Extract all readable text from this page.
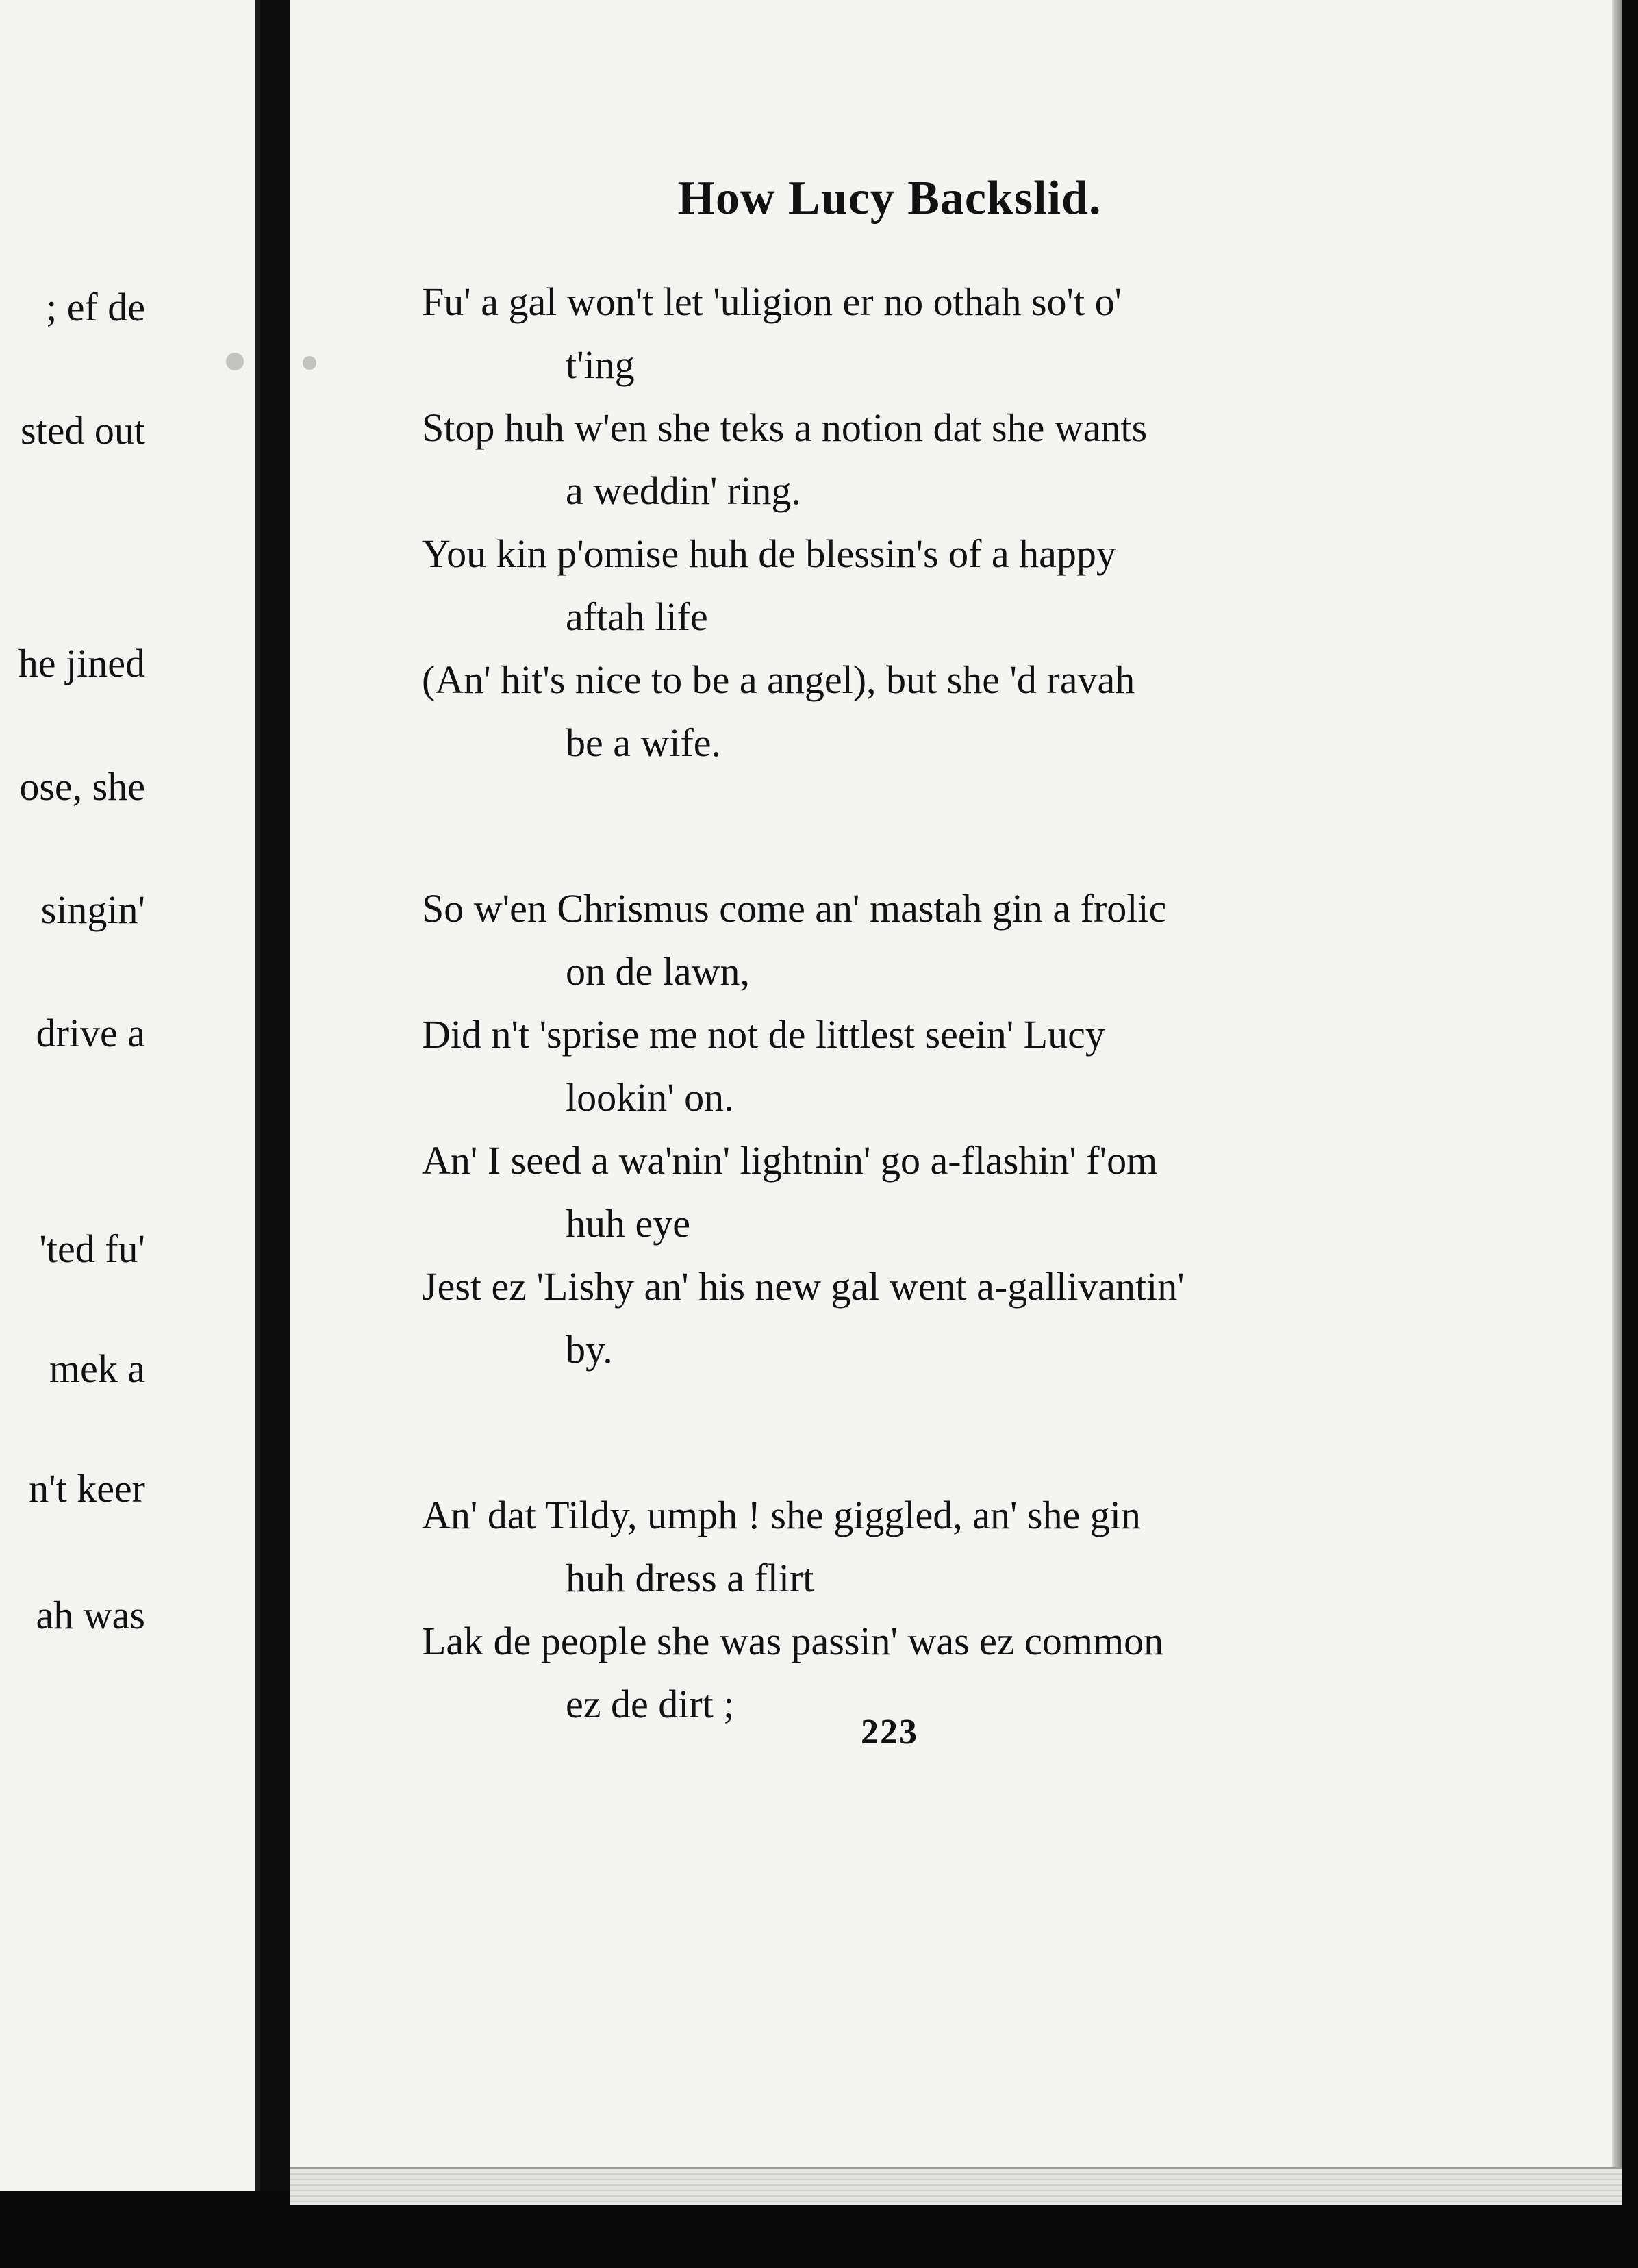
; ef de
sted out
he jined
ose, she
singin'
drive a
'ted fu'
mek a
n't keer
ah was
How Lucy Backslid.
Fu' a gal won't let 'uligion er no othah so't o'
t'ing
Stop huh w'en she teks a notion dat she wants
a weddin' ring.
You kin p'omise huh de blessin's of a happy
aftah life
(An' hit's nice to be a angel), but she 'd ravah
be a wife.
So w'en Chrismus come an' mastah gin a frolic
on de lawn,
Did n't 'sprise me not de littlest seein' Lucy
lookin' on.
An' I seed a wa'nin' lightnin' go a-flashin' f'om
huh eye
Jest ez 'Lishy an' his new gal went a-gallivantin'
by.
An' dat Tildy, umph ! she giggled, an' she gin
huh dress a flirt
Lak de people she was passin' was ez common
ez de dirt ;
223
